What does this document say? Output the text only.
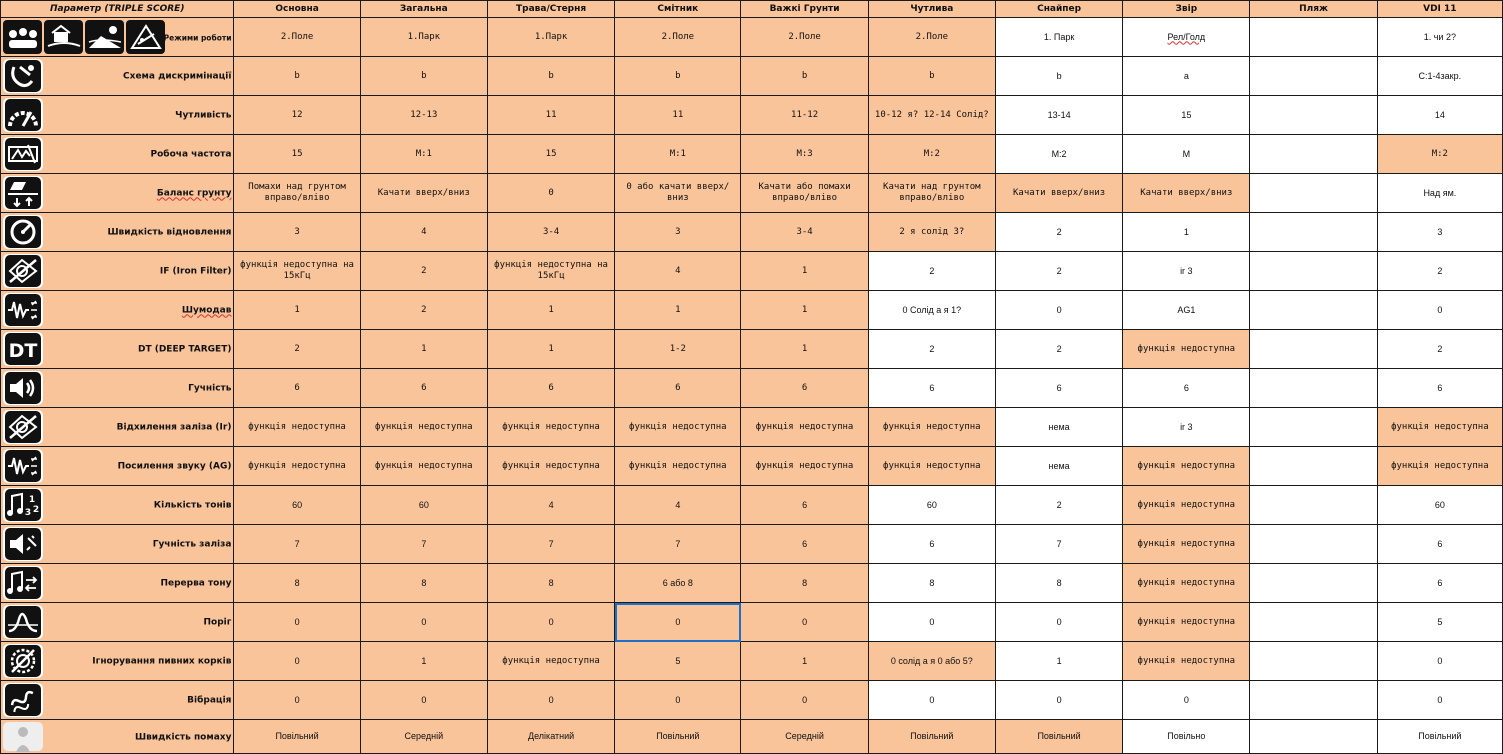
Параметр (TRIPLE SCORE)	Основна	Загальна	Трава/Стерня	Смітник	Важкі Грунти	Чутлива	Снайпер	Звір	Пляж	VDI 11

Режими роботи	2.Поле	1.Парк	1.Парк	2.Поле	2.Поле	2.Поле	1. Парк	Рел/Голд		1. чи 2?

Схема дискримінації	b	b	b	b	b	b	b	a		C:1-4закр.

Чутливість	12	12-13	11	11	11-12	10-12 я? 12-14 Солід?	13-14	15		14

Робоча частота	15	M:1	15	M:1	M:3	M:2	M:2	M		M:2

Баланс грунту	Помахи над грунтом вправо/вліво	Качати вверх/вниз	0	0 або качати вверх/вниз	Качати або помахи вправо/вліво	Качати над грунтом вправо/вліво	Качати вверх/вниз	Качати вверх/вниз		Над ям.

Швидкість відновлення	3	4	3-4	3	3-4	2 я солід 3?	2	1		3

IF (Iron Filter)	функція недоступна на 15кГц	2	функція недоступна на 15кГц	4	1	2	2	ir 3		2

Шумодав	1	2	1	1	1	0 Солід а я 1?	0	AG1		0

DT DT (DEEP TARGET)	2	1	1	1-2	1	2	2	функція недоступна		2

Гучність	6	6	6	6	6	6	6	6		6

Відхилення заліза (Ir)	функція недоступна	функція недоступна	функція недоступна	функція недоступна	функція недоступна	функція недоступна	нема	ir 3		функція недоступна

Посилення звуку (AG)	функція недоступна	функція недоступна	функція недоступна	функція недоступна	функція недоступна	функція недоступна	нема	функція недоступна		функція недоступна

1
3 2 Кількість тонів	60	60	4	4	6	60	2	функція недоступна		60

Гучність заліза	7	7	7	7	6	6	7	функція недоступна		6

Перерва тону	8	8	8	6 або 8	8	8	8	функція недоступна		6

Поріг	0	0	0	0	0	0	0	функція недоступна		5

Ігнорування пивних корків	0	1	функція недоступна	5	1	0 солід а я 0 або 5?	1	функція недоступна		0

Вібрація	0	0	0	0	0	0	0	0		0

Швидкість помаху	Повільний	Середній	Делікатний	Повільний	Середній	Повільний	Повільний	Повільно		Повільний
